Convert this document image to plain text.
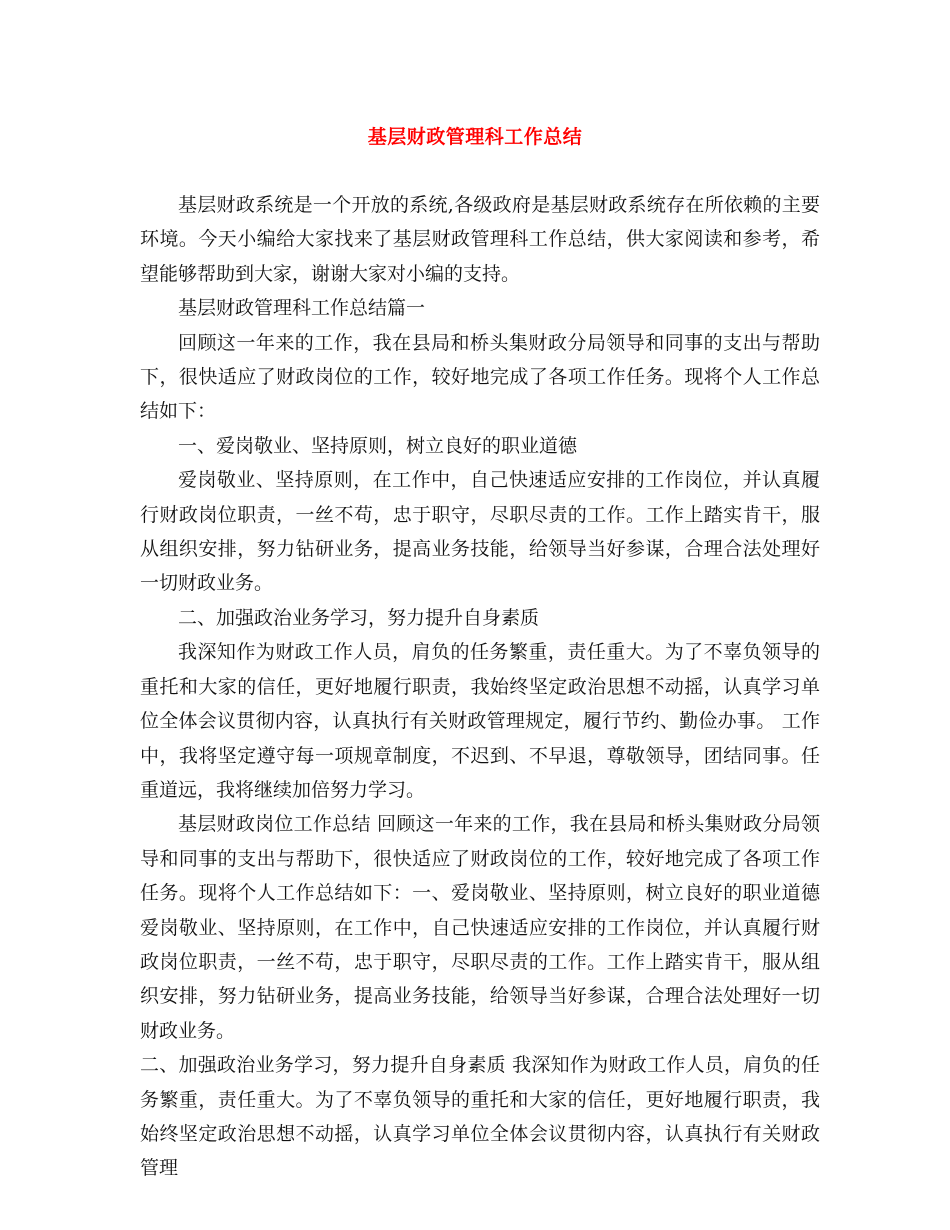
基层财政管理科工作总结

基层财政系统是一个开放的系统,各级政府是基层财政系统存在所依赖的主要环境。今天小编给大家找来了基层财政管理科工作总结，供大家阅读和参考，希望能够帮助到大家，谢谢大家对小编的支持。

基层财政管理科工作总结篇一

回顾这一年来的工作，我在县局和桥头集财政分局领导和同事的支出与帮助下，很快适应了财政岗位的工作，较好地完成了各项工作任务。现将个人工作总结如下：

一、爱岗敬业、坚持原则，树立良好的职业道德

爱岗敬业、坚持原则，在工作中，自己快速适应安排的工作岗位，并认真履行财政岗位职责，一丝不苟，忠于职守，尽职尽责的工作。工作上踏实肯干，服从组织安排，努力钻研业务，提高业务技能，给领导当好参谋，合理合法处理好一切财政业务。

二、加强政治业务学习，努力提升自身素质

我深知作为财政工作人员，肩负的任务繁重，责任重大。为了不辜负领导的重托和大家的信任，更好地履行职责，我始终坚定政治思想不动摇，认真学习单位全体会议贯彻内容，认真执行有关财政管理规定，履行节约、勤俭办事。 工作中，我将坚定遵守每一项规章制度，不迟到、不早退，尊敬领导，团结同事。任重道远，我将继续加倍努力学习。

基层财政岗位工作总结 回顾这一年来的工作，我在县局和桥头集财政分局领导和同事的支出与帮助下，很快适应了财政岗位的工作，较好地完成了各项工作任务。现将个人工作总结如下：一、爱岗敬业、坚持原则，树立良好的职业道德 爱岗敬业、坚持原则，在工作中，自己快速适应安排的工作岗位，并认真履行财政岗位职责，一丝不苟，忠于职守，尽职尽责的工作。工作上踏实肯干，服从组织安排，努力钻研业务，提高业务技能，给领导当好参谋，合理合法处理好一切财政业务。

二、加强政治业务学习，努力提升自身素质 我深知作为财政工作人员，肩负的任务繁重，责任重大。为了不辜负领导的重托和大家的信任，更好地履行职责，我始终坚定政治思想不动摇，认真学习单位全体会议贯彻内容，认真执行有关财政管理
